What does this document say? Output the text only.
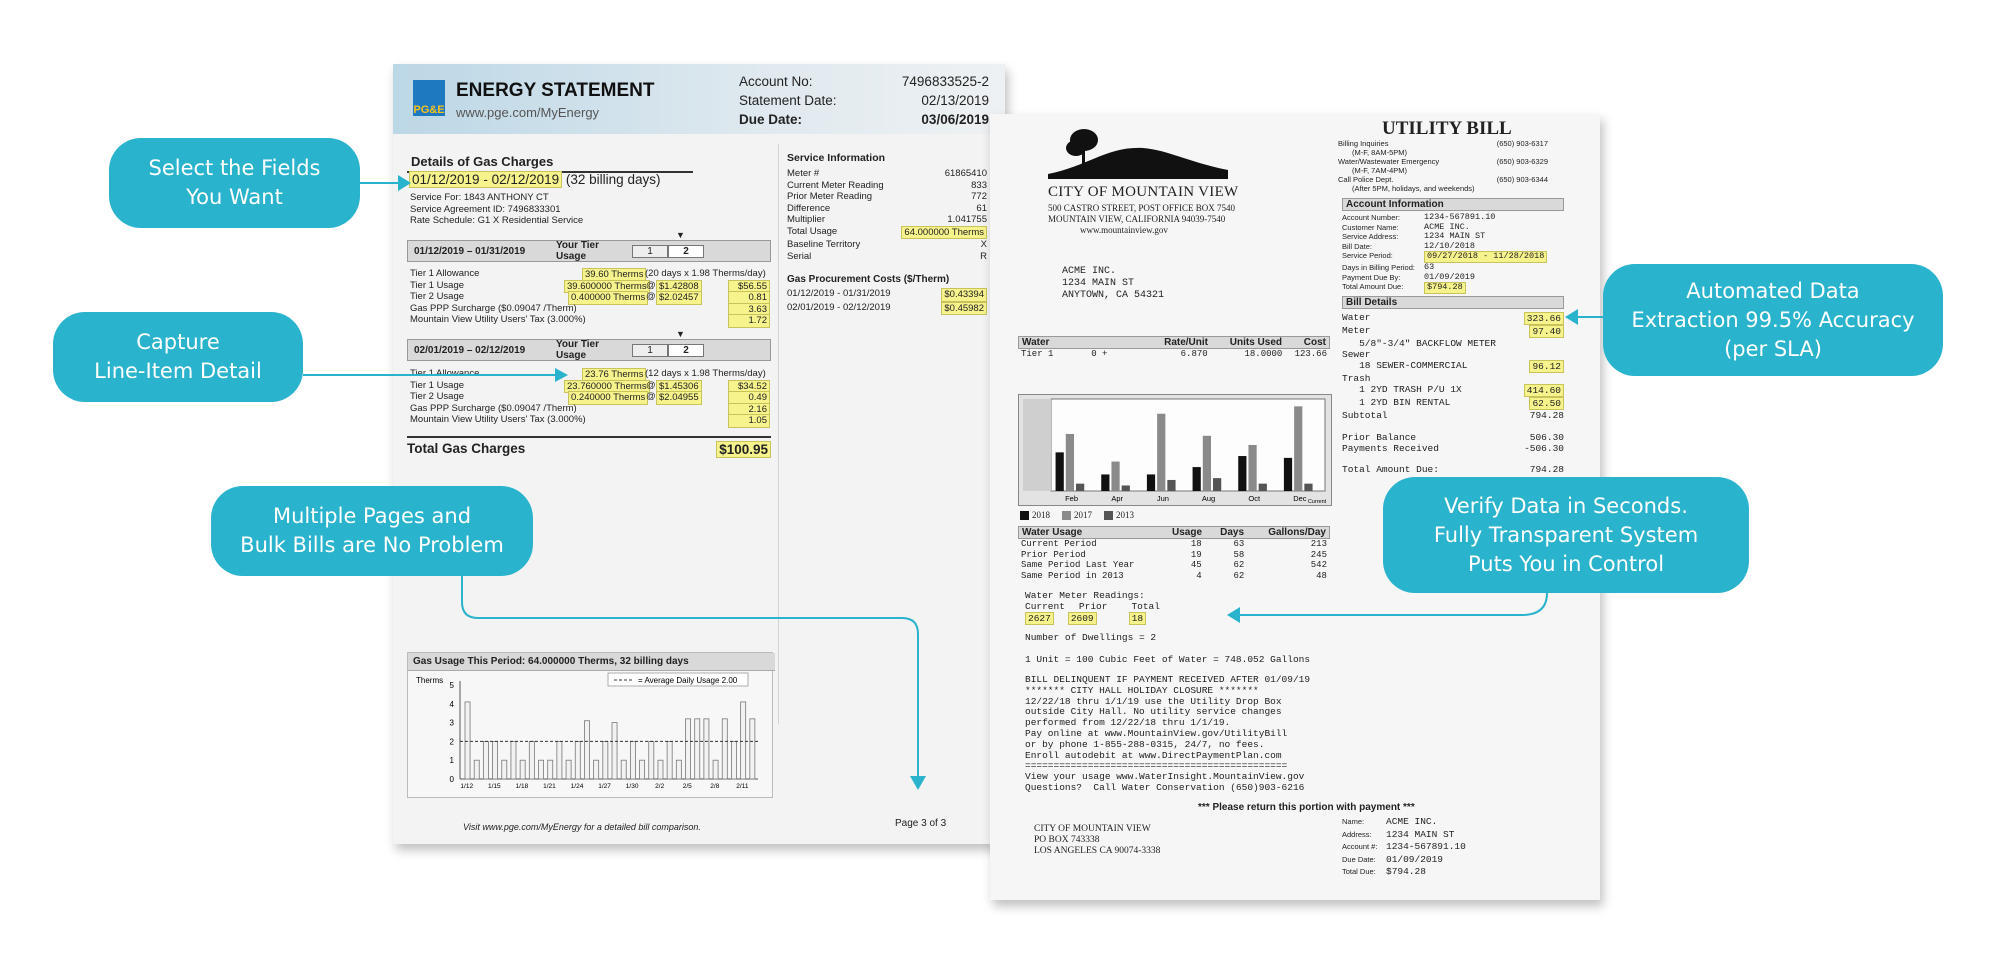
PG&E
ENERGY STATEMENT
www.pge.com/MyEnergy
Account No:	7496833525-2
Statement Date:	02/13/2019
Due Date:	03/06/2019
Details of Gas Charges
01/12/2019 - 02/12/2019 (32 billing days)
Service For: 1843 ANTHONY CT
Service Agreement ID: 7496833301
Rate Schedule: G1 X Residential Service
▼
01/12/2019 – 01/31/2019	Your Tier Usage	1	2
Tier 1 Allowance	39.60 Therms (20 days x 1.98 Therms/day)
Tier 1 Usage	39.600000 Therms @ $1.42808	$56.55
Tier 2 Usage	0.400000 Therms @ $2.02457	0.81
Gas PPP Surcharge ($0.09047 /Therm)	3.63
Mountain View Utility Users' Tax (3.000%)	1.72
▼
02/01/2019 – 02/12/2019	Your Tier Usage	1	2
Tier 1 Allowance	23.76 Therms (12 days x 1.98 Therms/day)
Tier 1 Usage	23.760000 Therms @ $1.45306	$34.52
Tier 2 Usage	0.240000 Therms @ $2.04955	0.49
Gas PPP Surcharge ($0.09047 /Therm)	2.16
Mountain View Utility Users' Tax (3.000%)	1.05
Total Gas Charges	$100.95
Service Information
Meter #	61865410
Current Meter Reading	833
Prior Meter Reading	772
Difference	61
Multiplier	1.041755
Total Usage	64.000000 Therms
Baseline Territory	X
Serial	R
Gas Procurement Costs ($/Therm)
01/12/2019 - 01/31/2019	$0.43394
02/01/2019 - 02/12/2019	$0.45982
Gas Usage This Period: 64.000000 Therms, 32 billing days
Therms
0
1
2
3
4
5
1/12 1/15 1/18 1/21 1/24 1/27 1/30	2/2	2/5	2/8	2/11
= Average Daily Usage 2.00
Visit www.pge.com/MyEnergy for a detailed bill comparison.	Page 3 of 3
CITY OF MOUNTAIN VIEW
500 CASTRO STREET, POST OFFICE BOX 7540
MOUNTAIN VIEW, CALIFORNIA 94039-7540
www.mountainview.gov
UTILITY BILL
Billing Inquiries	(650) 903-6317
(M-F, 8AM-5PM)
Water/Wastewater Emergency	(650) 903-6329
(M-F, 7AM-4PM)
Call Police Dept.	(650) 903-6344
(After 5PM, holidays, and weekends)
ACME INC.
1234 MAIN ST
ANYTOWN, CA 54321
Account Information
Account Number:	1234-567891.10
Customer Name:	ACME INC.
Service Address:	1234 MAIN ST
Bill Date:	12/10/2018
Service Period:	09/27/2018 - 11/28/2018
Days in Billing Period:	63
Payment Due By:	01/09/2019
Total Amount Due:	$794.28
Bill Details
Water	323.66
Meter	97.40
5/8"-3/4" BACKFLOW METER
Sewer
18 SEWER-COMMERCIAL	96.12
Trash
1 2YD TRASH P/U 1X	414.60
1 2YD BIN RENTAL	62.50
Subtotal	794.28
Prior Balance	506.30
Payments Received	-506.30
Total Amount Due:	794.28
Water	Rate/Unit	Units Used	Cost
Tier 1       0 +	6.870	18.0000	123.66
Feb	Apr	Jun	Aug	Oct	Dec Current
2018	2017	2013
Water Usage	Usage	Days	Gallons/Day
Current Period	18	63	213
Prior Period	19	58	245
Same Period Last Year	45	62	542
Same Period in 2013	4	62	48
Water Meter Readings:
Current Prior	Total
2627	2609	18
Number of Dwellings = 2
1 Unit = 100 Cubic Feet of Water = 748.052 Gallons
BILL DELINQUENT IF PAYMENT RECEIVED AFTER 01/09/19
******* CITY HALL HOLIDAY CLOSURE *******
12/22/18 thru 1/1/19 use the Utility Drop Box
outside City Hall. No utility service changes
performed from 12/22/18 thru 1/1/19.
Pay online at www.MountainView.gov/UtilityBill
or by phone 1-855-288-0315, 24/7, no fees.
Enroll autodebit at www.DirectPaymentPlan.com
==============================================
View your usage www.WaterInsight.MountainView.gov
Questions?  Call Water Conservation (650)903-6216
*** Please return this portion with payment ***
CITY OF MOUNTAIN VIEW
PO BOX 743338
LOS ANGELES CA 90074-3338
Name:	ACME INC.
Address:	1234 MAIN ST
Account #: 1234-567891.10
Due Date:	01/09/2019
Total Due:	$794.28
Select the Fields
You Want
Capture
Line-Item Detail
Multiple Pages and
Bulk Bills are No Problem
Automated Data
Extraction 99.5% Accuracy
(per SLA)
Verify Data in Seconds.
Fully Transparent System
Puts You in Control
